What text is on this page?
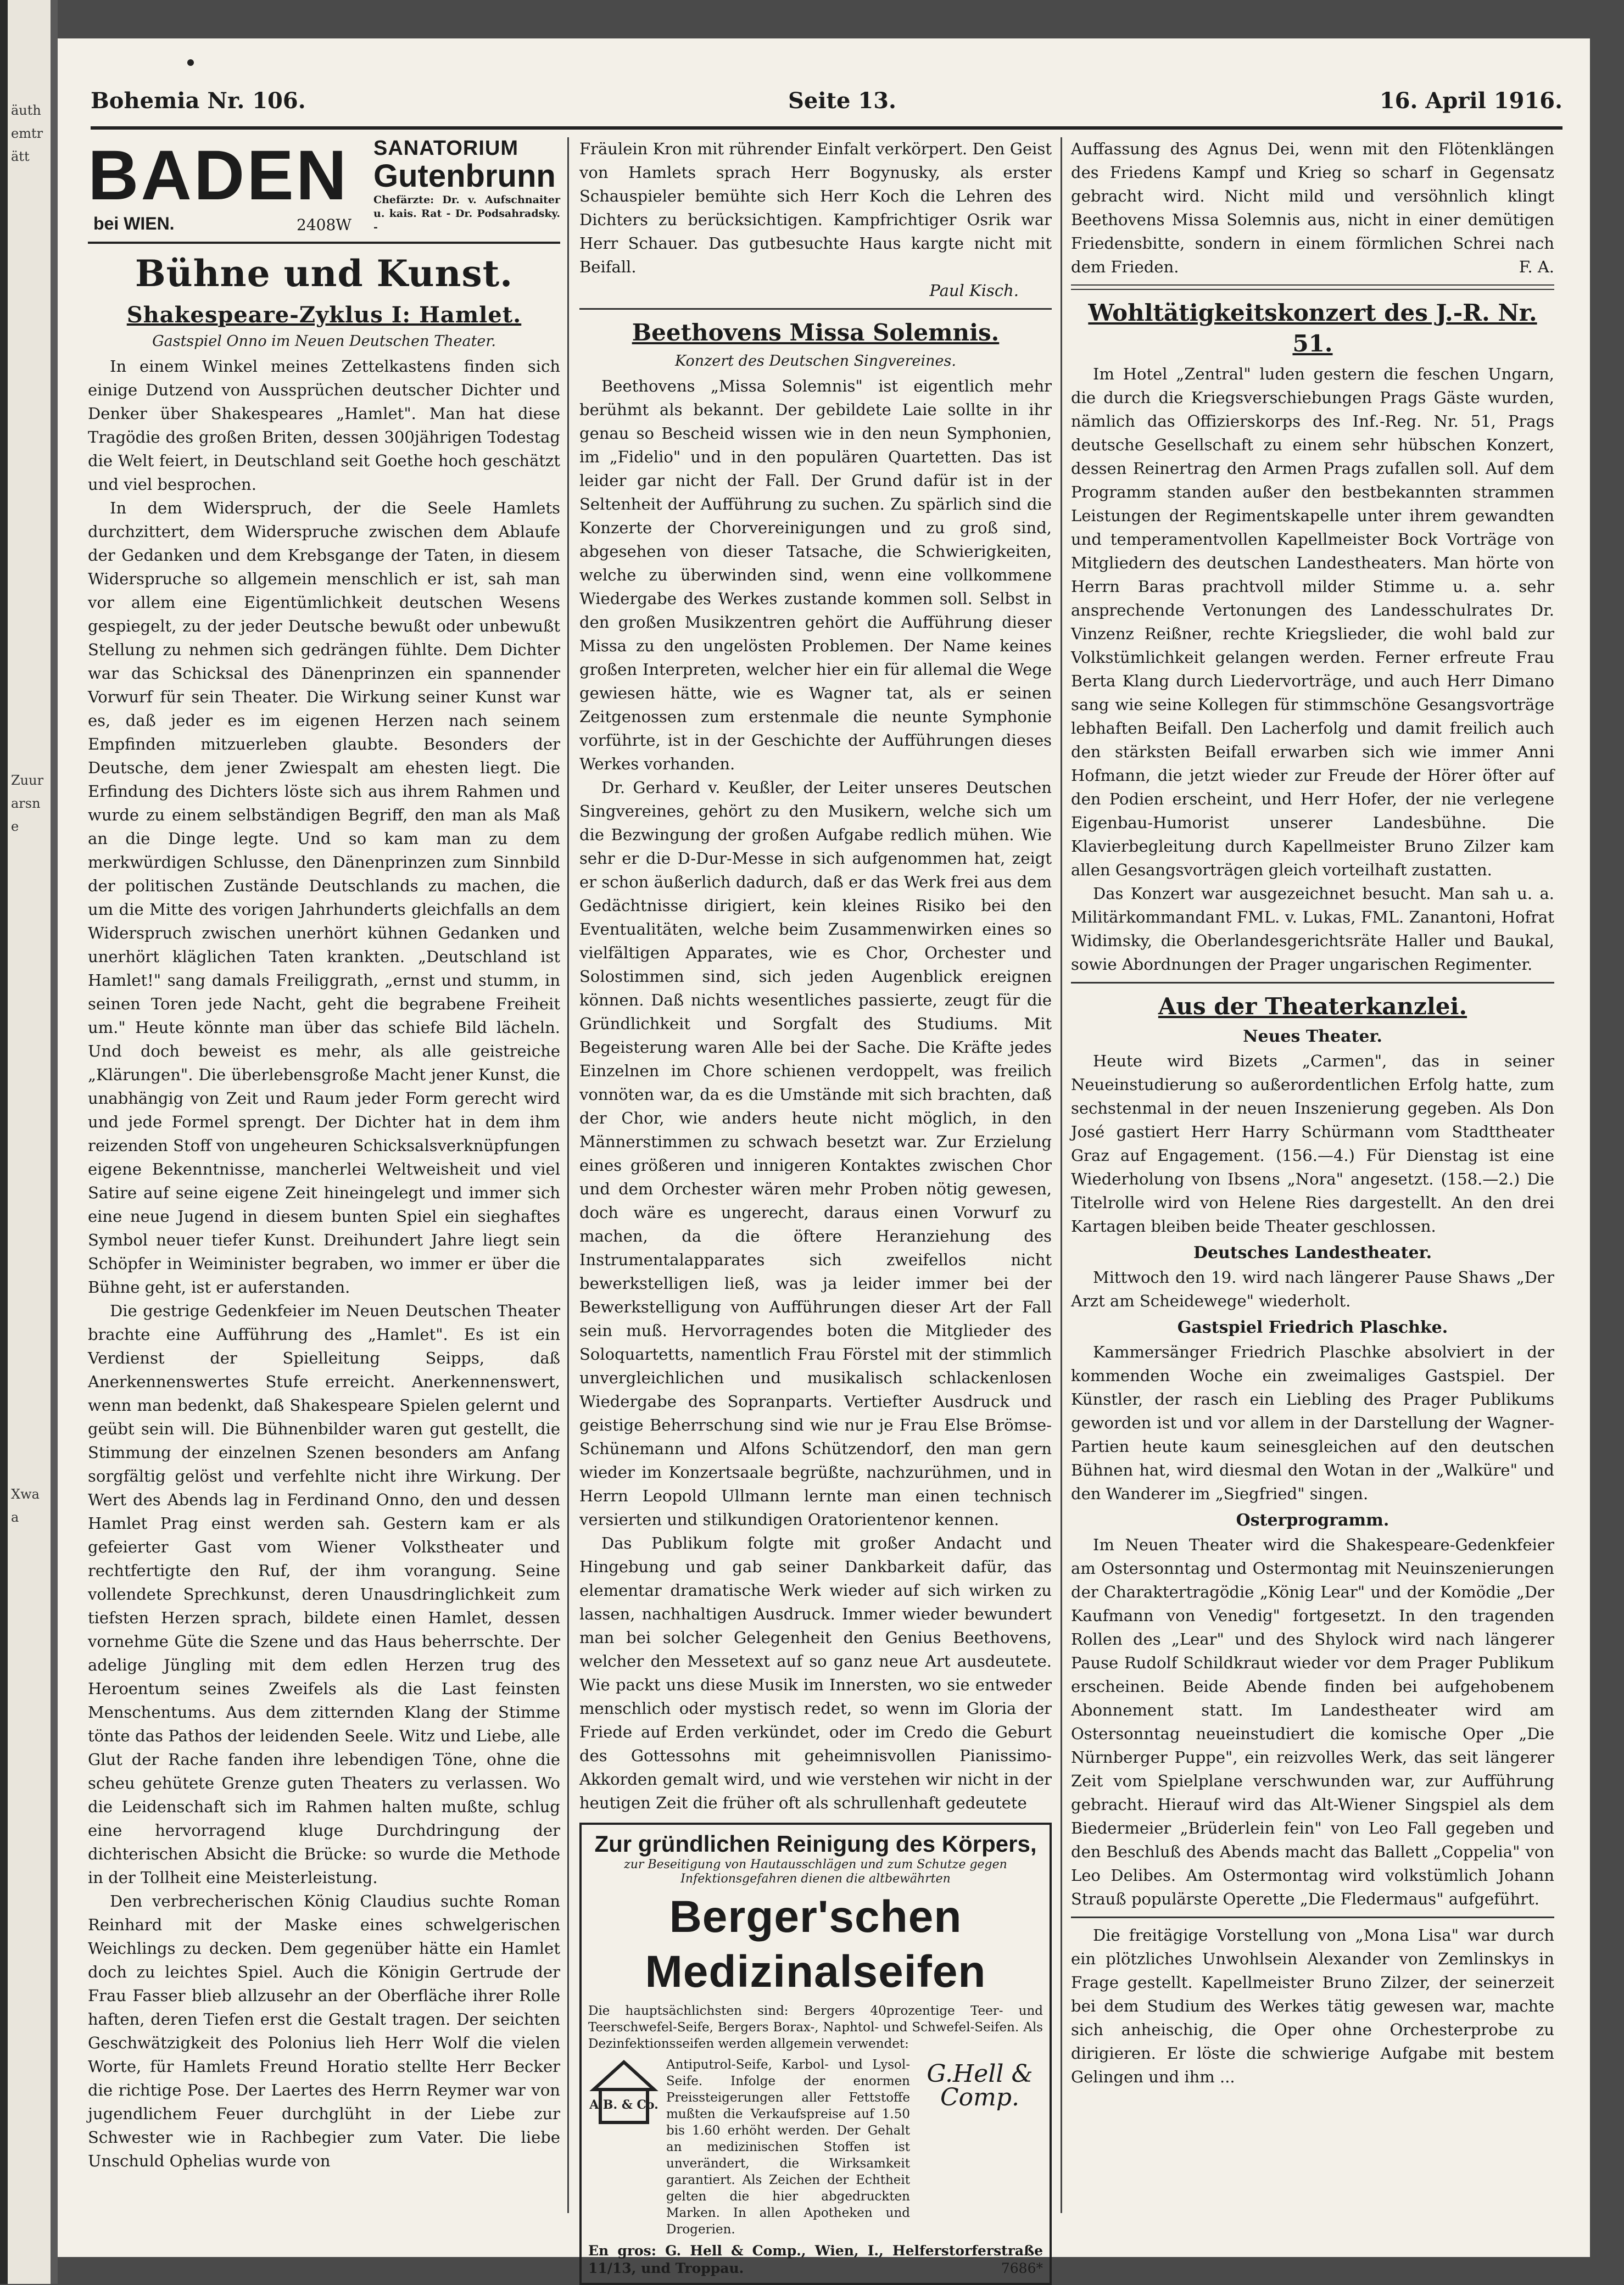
äuthemträtt
Zuurarsne
Xwaa
Bohemia Nr. 106.	Seite 13.	16. April 1916.
BADEN
bei WIEN.	2408W
SANATORIUM
Gutenbrunn
Chefärzte: Dr. v. Aufschnaiter u. kais. Rat - Dr. Podsahradsky. -
Bühne und Kunst.
Shakespeare-Zyklus I: Hamlet.
Gastspiel Onno im Neuen Deutschen Theater.

In einem Winkel meines Zettelkastens finden sich einige Dutzend von Aussprüchen deutscher Dichter und Denker über Shakespeares „Hamlet". Man hat diese Tragödie des großen Briten, dessen 300jährigen Todestag die Welt feiert, in Deutschland seit Goethe hoch geschätzt und viel besprochen.

In dem Widerspruch, der die Seele Hamlets durchzittert, dem Widerspruche zwischen dem Ablaufe der Gedanken und dem Krebsgange der Taten, in diesem Widerspruche so allgemein menschlich er ist, sah man vor allem eine Eigentümlichkeit deutschen Wesens gespiegelt, zu der jeder Deutsche bewußt oder unbewußt Stellung zu nehmen sich gedrängen fühlte. Dem Dichter war das Schicksal des Dänenprinzen ein spannender Vorwurf für sein Theater. Die Wirkung seiner Kunst war es, daß jeder es im eigenen Herzen nach seinem Empfinden mitzuerleben glaubte. Besonders der Deutsche, dem jener Zwiespalt am ehesten liegt. Die Erfindung des Dichters löste sich aus ihrem Rahmen und wurde zu einem selbständigen Begriff, den man als Maß an die Dinge legte. Und so kam man zu dem merkwürdigen Schlusse, den Dänenprinzen zum Sinnbild der politischen Zustände Deutschlands zu machen, die um die Mitte des vorigen Jahrhunderts gleichfalls an dem Widerspruch zwischen unerhört kühnen Gedanken und unerhört kläglichen Taten krankten. „Deutschland ist Hamlet!" sang damals Freiliggrath, „ernst und stumm, in seinen Toren jede Nacht, geht die begrabene Freiheit um." Heute könnte man über das schiefe Bild lächeln. Und doch beweist es mehr, als alle geistreiche „Klärungen". Die überlebensgroße Macht jener Kunst, die unabhängig von Zeit und Raum jeder Form gerecht wird und jede Formel sprengt. Der Dichter hat in dem ihm reizenden Stoff von ungeheuren Schicksalsverknüpfungen eigene Bekenntnisse, mancherlei Weltweisheit und viel Satire auf seine eigene Zeit hineingelegt und immer sich eine neue Jugend in diesem bunten Spiel ein sieghaftes Symbol neuer tiefer Kunst. Dreihundert Jahre liegt sein Schöpfer in Weiminister begraben, wo immer er über die Bühne geht, ist er auferstanden.

Die gestrige Gedenkfeier im Neuen Deutschen Theater brachte eine Aufführung des „Hamlet". Es ist ein Verdienst der Spielleitung Seipps, daß Anerkennenswertes Stufe erreicht. Anerkennenswert, wenn man bedenkt, daß Shakespeare Spielen gelernt und geübt sein will. Die Bühnenbilder waren gut gestellt, die Stimmung der einzelnen Szenen besonders am Anfang sorgfältig gelöst und verfehlte nicht ihre Wirkung. Der Wert des Abends lag in Ferdinand Onno, den und dessen Hamlet Prag einst werden sah. Gestern kam er als gefeierter Gast vom Wiener Volkstheater und rechtfertigte den Ruf, der ihm vorangung. Seine vollendete Sprechkunst, deren Unausdringlichkeit zum tiefsten Herzen sprach, bildete einen Hamlet, dessen vornehme Güte die Szene und das Haus beherrschte. Der adelige Jüngling mit dem edlen Herzen trug des Heroentum seines Zweifels als die Last feinsten Menschentums. Aus dem zitternden Klang der Stimme tönte das Pathos der leidenden Seele. Witz und Liebe, alle Glut der Rache fanden ihre lebendigen Töne, ohne die scheu gehütete Grenze guten Theaters zu verlassen. Wo die Leidenschaft sich im Rahmen halten mußte, schlug eine hervorragend kluge Durchdringung der dichterischen Absicht die Brücke: so wurde die Methode in der Tollheit eine Meisterleistung.

Den verbrecherischen König Claudius suchte Roman Reinhard mit der Maske eines schwelgerischen Weichlings zu decken. Dem gegenüber hätte ein Hamlet doch zu leichtes Spiel. Auch die Königin Gertrude der Frau Fasser blieb allzusehr an der Oberfläche ihrer Rolle haften, deren Tiefen erst die Gestalt tragen. Der seichten Geschwätzigkeit des Polonius lieh Herr Wolf die vielen Worte, für Hamlets Freund Horatio stellte Herr Becker die richtige Pose. Der Laertes des Herrn Reymer war von jugendlichem Feuer durchglüht in der Liebe zur Schwester wie in Rachbegier zum Vater. Die liebe Unschuld Ophelias wurde von

Fräulein Kron mit rührender Einfalt verkörpert. Den Geist von Hamlets sprach Herr Bogynusky, als erster Schauspieler bemühte sich Herr Koch die Lehren des Dichters zu berücksichtigen. Kampfrichtiger Osrik war Herr Schauer. Das gutbesuchte Haus kargte nicht mit Beifall.

Paul Kisch.
Beethovens Missa Solemnis.
Konzert des Deutschen Singvereines.

Beethovens „Missa Solemnis" ist eigentlich mehr berühmt als bekannt. Der gebildete Laie sollte in ihr genau so Bescheid wissen wie in den neun Symphonien, im „Fidelio" und in den populären Quartetten. Das ist leider gar nicht der Fall. Der Grund dafür ist in der Seltenheit der Aufführung zu suchen. Zu spärlich sind die Konzerte der Chorvereinigungen und zu groß sind, abgesehen von dieser Tatsache, die Schwierigkeiten, welche zu überwinden sind, wenn eine vollkommene Wiedergabe des Werkes zustande kommen soll. Selbst in den großen Musikzentren gehört die Aufführung dieser Missa zu den ungelösten Problemen. Der Name keines großen Interpreten, welcher hier ein für allemal die Wege gewiesen hätte, wie es Wagner tat, als er seinen Zeitgenossen zum erstenmale die neunte Symphonie vorführte, ist in der Geschichte der Aufführungen dieses Werkes vorhanden.

Dr. Gerhard v. Keußler, der Leiter unseres Deutschen Singvereines, gehört zu den Musikern, welche sich um die Bezwingung der großen Aufgabe redlich mühen. Wie sehr er die D-Dur-Messe in sich aufgenommen hat, zeigt er schon äußerlich dadurch, daß er das Werk frei aus dem Gedächtnisse dirigiert, kein kleines Risiko bei den Eventualitäten, welche beim Zusammenwirken eines so vielfältigen Apparates, wie es Chor, Orchester und Solostimmen sind, sich jeden Augenblick ereignen können. Daß nichts wesentliches passierte, zeugt für die Gründlichkeit und Sorgfalt des Studiums. Mit Begeisterung waren Alle bei der Sache. Die Kräfte jedes Einzelnen im Chore schienen verdoppelt, was freilich vonnöten war, da es die Umstände mit sich brachten, daß der Chor, wie anders heute nicht möglich, in den Männerstimmen zu schwach besetzt war. Zur Erzielung eines größeren und innigeren Kontaktes zwischen Chor und dem Orchester wären mehr Proben nötig gewesen, doch wäre es ungerecht, daraus einen Vorwurf zu machen, da die öftere Heranziehung des Instrumentalapparates sich zweifellos nicht bewerkstelligen ließ, was ja leider immer bei der Bewerkstelligung von Aufführungen dieser Art der Fall sein muß. Hervorragendes boten die Mitglieder des Soloquartetts, namentlich Frau Förstel mit der stimmlich unvergleichlichen und musikalisch schlackenlosen Wiedergabe des Sopranparts. Vertiefter Ausdruck und geistige Beherrschung sind wie nur je Frau Else Brömse-Schünemann und Alfons Schützendorf, den man gern wieder im Konzertsaale begrüßte, nachzurühmen, und in Herrn Leopold Ullmann lernte man einen technisch versierten und stilkundigen Oratorientenor kennen.

Das Publikum folgte mit großer Andacht und Hingebung und gab seiner Dankbarkeit dafür, das elementar dramatische Werk wieder auf sich wirken zu lassen, nachhaltigen Ausdruck. Immer wieder bewundert man bei solcher Gelegenheit den Genius Beethovens, welcher den Messetext auf so ganz neue Art ausdeutete. Wie packt uns diese Musik im Innersten, wo sie entweder menschlich oder mystisch redet, so wenn im Gloria der Friede auf Erden verkündet, oder im Credo die Geburt des Gottessohns mit geheimnisvollen Pianissimo-Akkorden gemalt wird, und wie verstehen wir nicht in der heutigen Zeit die früher oft als schrullenhaft gedeutete

Zur gründlichen Reinigung des Körpers,
zur Beseitigung von Hautausschlägen und zum Schutze gegen Infektionsgefahren dienen die altbewährten
Berger'schen Medizinalseifen
Die hauptsächlichsten sind: Bergers 40prozentige Teer- und Teerschwefel-Seife, Bergers Borax-, Naphtol- und Schwefel-Seifen. Als Dezinfektionsseifen werden allgemein verwendet:
A.B. & Co.
Antiputrol-Seife, Karbol- und Lysol-Seife. Infolge der enormen Preissteigerungen aller Fettstoffe mußten die Verkaufspreise auf 1.50 bis 1.60 erhöht werden. Der Gehalt an medizinischen Stoffen ist unverändert, die Wirksamkeit garantiert. Als Zeichen der Echtheit gelten die hier abgedruckten Marken. In allen Apotheken und Drogerien.
G.Hell & Comp.
En gros: G. Hell & Comp., Wien, I., Helferstorferstraße 11/13, und Troppau.	7686*

Auffassung des Agnus Dei, wenn mit den Flötenklängen des Friedens Kampf und Krieg so scharf in Gegensatz gebracht wird. Nicht mild und versöhnlich klingt Beethovens Missa Solemnis aus, nicht in einer demütigen Friedensbitte, sondern in einem förmlichen Schrei nach dem Frieden.	F. A.

Wohltätigkeitskonzert des J.-R. Nr. 51.

Im Hotel „Zentral" luden gestern die feschen Ungarn, die durch die Kriegsverschiebungen Prags Gäste wurden, nämlich das Offizierskorps des Inf.-Reg. Nr. 51, Prags deutsche Gesellschaft zu einem sehr hübschen Konzert, dessen Reinertrag den Armen Prags zufallen soll. Auf dem Programm standen außer den bestbekannten strammen Leistungen der Regimentskapelle unter ihrem gewandten und temperamentvollen Kapellmeister Bock Vorträge von Mitgliedern des deutschen Landestheaters. Man hörte von Herrn Baras prachtvoll milder Stimme u. a. sehr ansprechende Vertonungen des Landesschulrates Dr. Vinzenz Reißner, rechte Kriegslieder, die wohl bald zur Volkstümlichkeit gelangen werden. Ferner erfreute Frau Berta Klang durch Liedervorträge, und auch Herr Dimano sang wie seine Kollegen für stimmschöne Gesangsvorträge lebhaften Beifall. Den Lacherfolg und damit freilich auch den stärksten Beifall erwarben sich wie immer Anni Hofmann, die jetzt wieder zur Freude der Hörer öfter auf den Podien erscheint, und Herr Hofer, der nie verlegene Eigenbau-Humorist unserer Landesbühne. Die Klavierbegleitung durch Kapellmeister Bruno Zilzer kam allen Gesangsvorträgen gleich vorteilhaft zustatten.

Das Konzert war ausgezeichnet besucht. Man sah u. a. Militärkommandant FML. v. Lukas, FML. Zanantoni, Hofrat Widimsky, die Oberlandesgerichtsräte Haller und Baukal, sowie Abordnungen der Prager ungarischen Regimenter.

Aus der Theaterkanzlei.
Neues Theater.

Heute wird Bizets „Carmen", das in seiner Neueinstudierung so außerordentlichen Erfolg hatte, zum sechstenmal in der neuen Inszenierung gegeben. Als Don José gastiert Herr Harry Schürmann vom Stadttheater Graz auf Engagement. (156.—4.) Für Dienstag ist eine Wiederholung von Ibsens „Nora" angesetzt. (158.—2.) Die Titelrolle wird von Helene Ries dargestellt. An den drei Kartagen bleiben beide Theater geschlossen.

Deutsches Landestheater.

Mittwoch den 19. wird nach längerer Pause Shaws „Der Arzt am Scheidewege" wiederholt.

Gastspiel Friedrich Plaschke.

Kammersänger Friedrich Plaschke absolviert in der kommenden Woche ein zweimaliges Gastspiel. Der Künstler, der rasch ein Liebling des Prager Publikums geworden ist und vor allem in der Darstellung der Wagner-Partien heute kaum seinesgleichen auf den deutschen Bühnen hat, wird diesmal den Wotan in der „Walküre" und den Wanderer im „Siegfried" singen.

Osterprogramm.

Im Neuen Theater wird die Shakespeare-Gedenkfeier am Ostersonntag und Ostermontag mit Neuinszenierungen der Charaktertragödie „König Lear" und der Komödie „Der Kaufmann von Venedig" fortgesetzt. In den tragenden Rollen des „Lear" und des Shylock wird nach längerer Pause Rudolf Schildkraut wieder vor dem Prager Publikum erscheinen. Beide Abende finden bei aufgehobenem Abonnement statt. Im Landestheater wird am Ostersonntag neueinstudiert die komische Oper „Die Nürnberger Puppe", ein reizvolles Werk, das seit längerer Zeit vom Spielplane verschwunden war, zur Aufführung gebracht. Hierauf wird das Alt-Wiener Singspiel als dem Biedermeier „Brüderlein fein" von Leo Fall gegeben und den Beschluß des Abends macht das Ballett „Coppelia" von Leo Delibes. Am Ostermontag wird volkstümlich Johann Strauß populärste Operette „Die Fledermaus" aufgeführt.

Die freitägige Vorstellung von „Mona Lisa" war durch ein plötzliches Unwohlsein Alexander von Zemlinskys in Frage gestellt. Kapellmeister Bruno Zilzer, der seinerzeit bei dem Studium des Werkes tätig gewesen war, machte sich anheischig, die Oper ohne Orchesterprobe zu dirigieren. Er löste die schwierige Aufgabe mit bestem Gelingen und ihm ...
